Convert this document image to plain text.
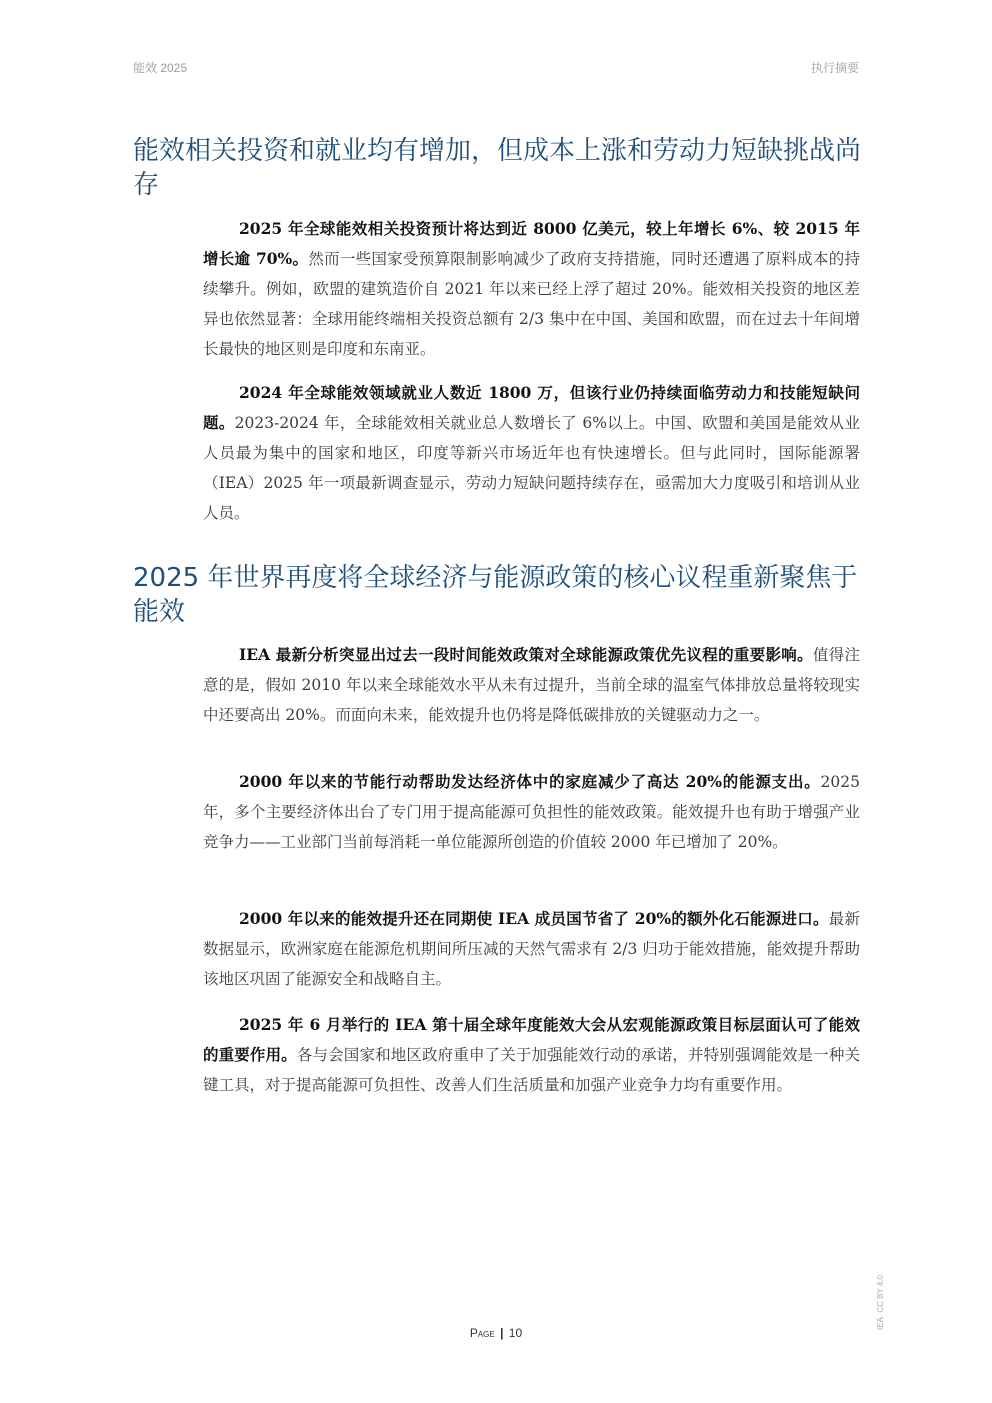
能效 2025	执行摘要
能效相关投资和就业均有增加，但成本上涨和劳动力短缺挑战尚存

2025 年全球能效相关投资预计将达到近 8000 亿美元，较上年增长 6%、较 2015 年增长逾 70%。然而一些国家受预算限制影响减少了政府支持措施，同时还遭遇了原料成本的持续攀升。例如，欧盟的建筑造价自 2021 年以来已经上浮了超过 20%。能效相关投资的地区差异也依然显著：全球用能终端相关投资总额有 2/3 集中在中国、美国和欧盟，而在过去十年间增长最快的地区则是印度和东南亚。

2024 年全球能效领域就业人数近 1800 万，但该行业仍持续面临劳动力和技能短缺问题。2023-2024 年，全球能效相关就业总人数增长了 6%以上。中国、欧盟和美国是能效从业人员最为集中的国家和地区，印度等新兴市场近年也有快速增长。但与此同时，国际能源署（IEA）2025 年一项最新调查显示，劳动力短缺问题持续存在，亟需加大力度吸引和培训从业人员。

2025 年世界再度将全球经济与能源政策的核心议程重新聚焦于能效

IEA 最新分析突显出过去一段时间能效政策对全球能源政策优先议程的重要影响。值得注意的是，假如 2010 年以来全球能效水平从未有过提升，当前全球的温室气体排放总量将较现实中还要高出 20%。而面向未来，能效提升也仍将是降低碳排放的关键驱动力之一。

2000 年以来的节能行动帮助发达经济体中的家庭减少了高达 20%的能源支出。2025 年，多个主要经济体出台了专门用于提高能源可负担性的能效政策。能效提升也有助于增强产业竞争力——工业部门当前每消耗一单位能源所创造的价值较 2000 年已增加了 20%。

2000 年以来的能效提升还在同期使 IEA 成员国节省了 20%的额外化石能源进口。最新数据显示，欧洲家庭在能源危机期间所压减的天然气需求有 2/3 归功于能效措施，能效提升帮助该地区巩固了能源安全和战略自主。

2025 年 6 月举行的 IEA 第十届全球年度能效大会从宏观能源政策目标层面认可了能效的重要作用。各与会国家和地区政府重申了关于加强能效行动的承诺，并特别强调能效是一种关键工具，对于提高能源可负担性、改善人们生活质量和加强产业竞争力均有重要作用。

Page | 10
IEA. CC BY 4.0.
